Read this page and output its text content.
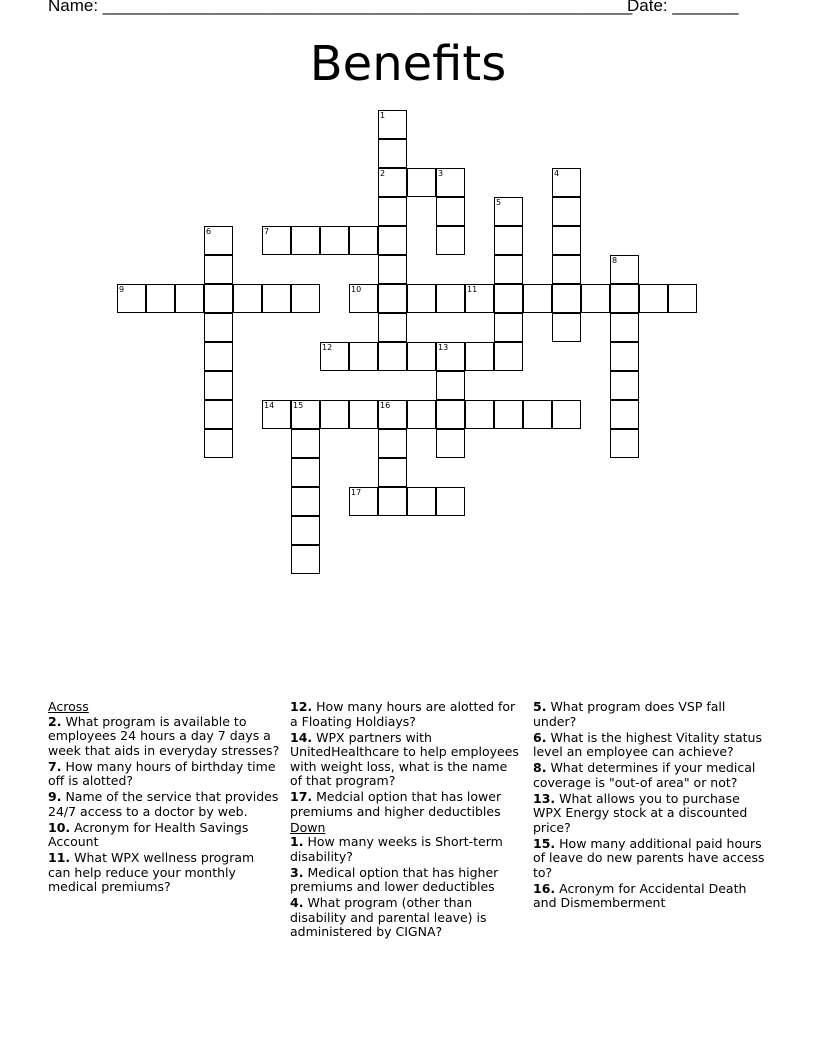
Name: ________________________________________________________
Date: _______
Benefits
1
2	3	4
5
6	7
8
9	10	11
12	13
14 15	16
17
Across
2. What program is available to employees 24 hours a day 7 days a week that aids in everyday stresses?
7. How many hours of birthday time off is alotted?
9. Name of the service that provides 24/7 access to a doctor by web.
10. Acronym for Health Savings Account
11. What WPX wellness program can help reduce your monthly medical premiums?
12. How many hours are alotted for a Floating Holdiays?
14. WPX partners with UnitedHealthcare to help employees with weight loss, what is the name of that program?
17. Medcial option that has lower premiums and higher deductibles
Down
1. How many weeks is Short-term disability?
3. Medical option that has higher premiums and lower deductibles
4. What program (other than disability and parental leave) is administered by CIGNA?
5. What program does VSP fall under?
6. What is the highest Vitality status level an employee can achieve?
8. What determines if your medical coverage is "out-of area" or not?
13. What allows you to purchase WPX Energy stock at a discounted price?
15. How many additional paid hours of leave do new parents have access to?
16. Acronym for Accidental Death and Dismemberment
